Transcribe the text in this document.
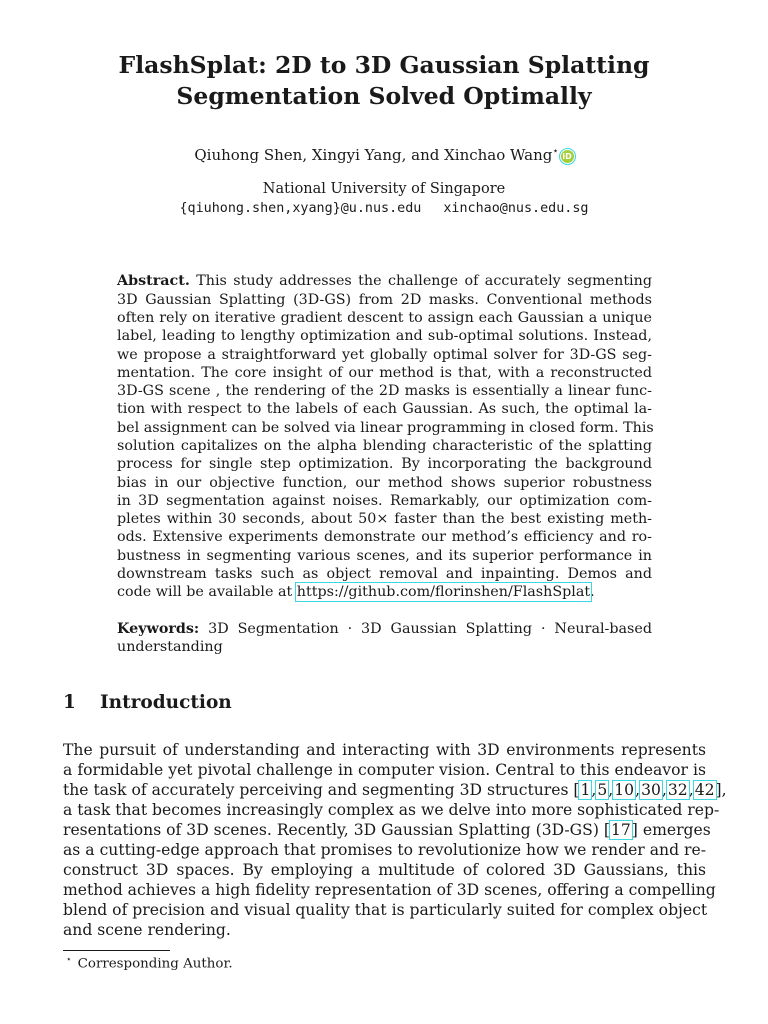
FlashSplat: 2D to 3D Gaussian Splatting
Segmentation Solved Optimally
Qiuhong Shen, Xingyi Yang, and Xinchao Wang⋆ iD
National University of Singapore
{qiuhong.shen,xyang}@u.nus.edu xinchao@nus.edu.sg
Abstract. This study addresses the challenge of accurately segmenting
3D Gaussian Splatting (3D-GS) from 2D masks. Conventional methods
often rely on iterative gradient descent to assign each Gaussian a unique
label, leading to lengthy optimization and sub-optimal solutions. Instead,
we propose a straightforward yet globally optimal solver for 3D-GS seg-
mentation. The core insight of our method is that, with a reconstructed
3D-GS scene , the rendering of the 2D masks is essentially a linear func-
tion with respect to the labels of each Gaussian. As such, the optimal la-
bel assignment can be solved via linear programming in closed form. This
solution capitalizes on the alpha blending characteristic of the splatting
process for single step optimization. By incorporating the background
bias in our objective function, our method shows superior robustness
in 3D segmentation against noises. Remarkably, our optimization com-
pletes within 30 seconds, about 50× faster than the best existing meth-
ods. Extensive experiments demonstrate our method’s efficiency and ro-
bustness in segmenting various scenes, and its superior performance in
downstream tasks such as object removal and inpainting. Demos and
code will be available at https://github.com/florinshen/FlashSplat.
Keywords: 3D Segmentation · 3D Gaussian Splatting · Neural-based
understanding
1 Introduction
The pursuit of understanding and interacting with 3D environments represents
a formidable yet pivotal challenge in computer vision. Central to this endeavor is
the task of accurately perceiving and segmenting 3D structures [1,5,10,30,32,42],
a task that becomes increasingly complex as we delve into more sophisticated rep-
resentations of 3D scenes. Recently, 3D Gaussian Splatting (3D-GS) [17] emerges
as a cutting-edge approach that promises to revolutionize how we render and re-
construct 3D spaces. By employing a multitude of colored 3D Gaussians, this
method achieves a high fidelity representation of 3D scenes, offering a compelling
blend of precision and visual quality that is particularly suited for complex object
and scene rendering.
⋆ Corresponding Author.
